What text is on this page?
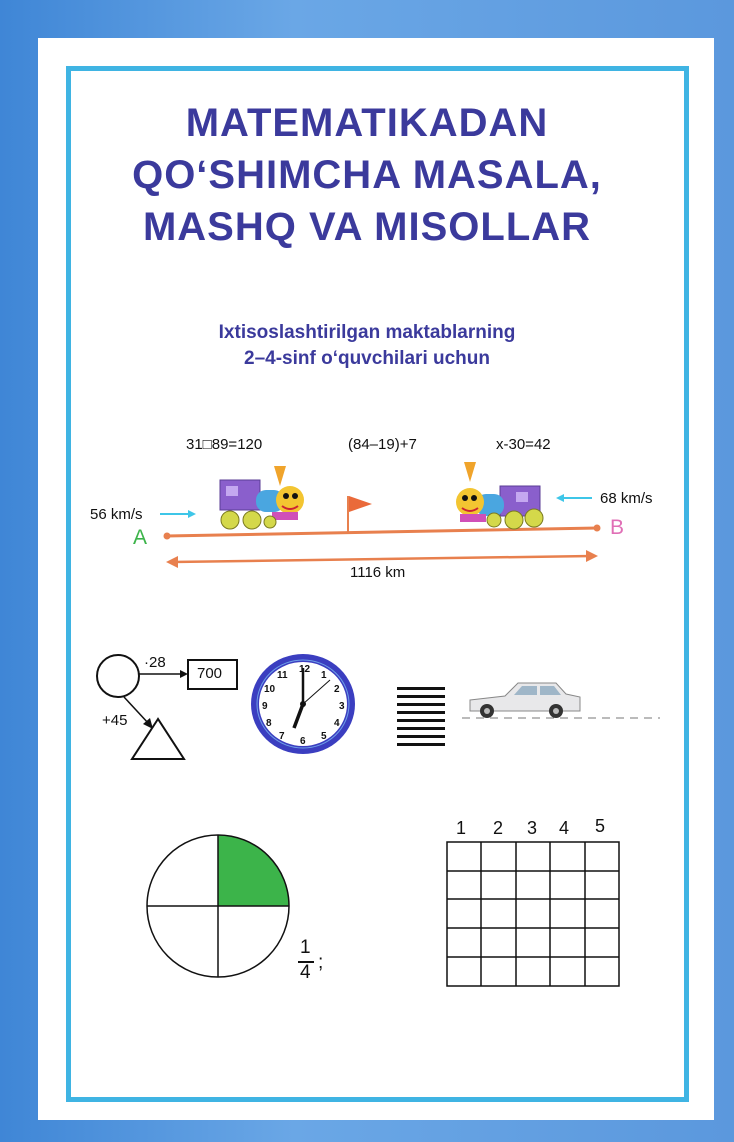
MATEMATIKADAN
QO‘SHIMCHA MASALA,
MASHQ VA MISOLLAR
Ixtisoslashtirilgan maktablarning
2–4-sinf o‘quvchilari uchun
31□89=120	(84–19)+7	x-30=42
56 km/s
68 km/s
A	B
1116 km
·28
700
+45
12
1
2
3
4
5
6
7
8
9
10
11
1
4 ;
1 2 3 4 5
